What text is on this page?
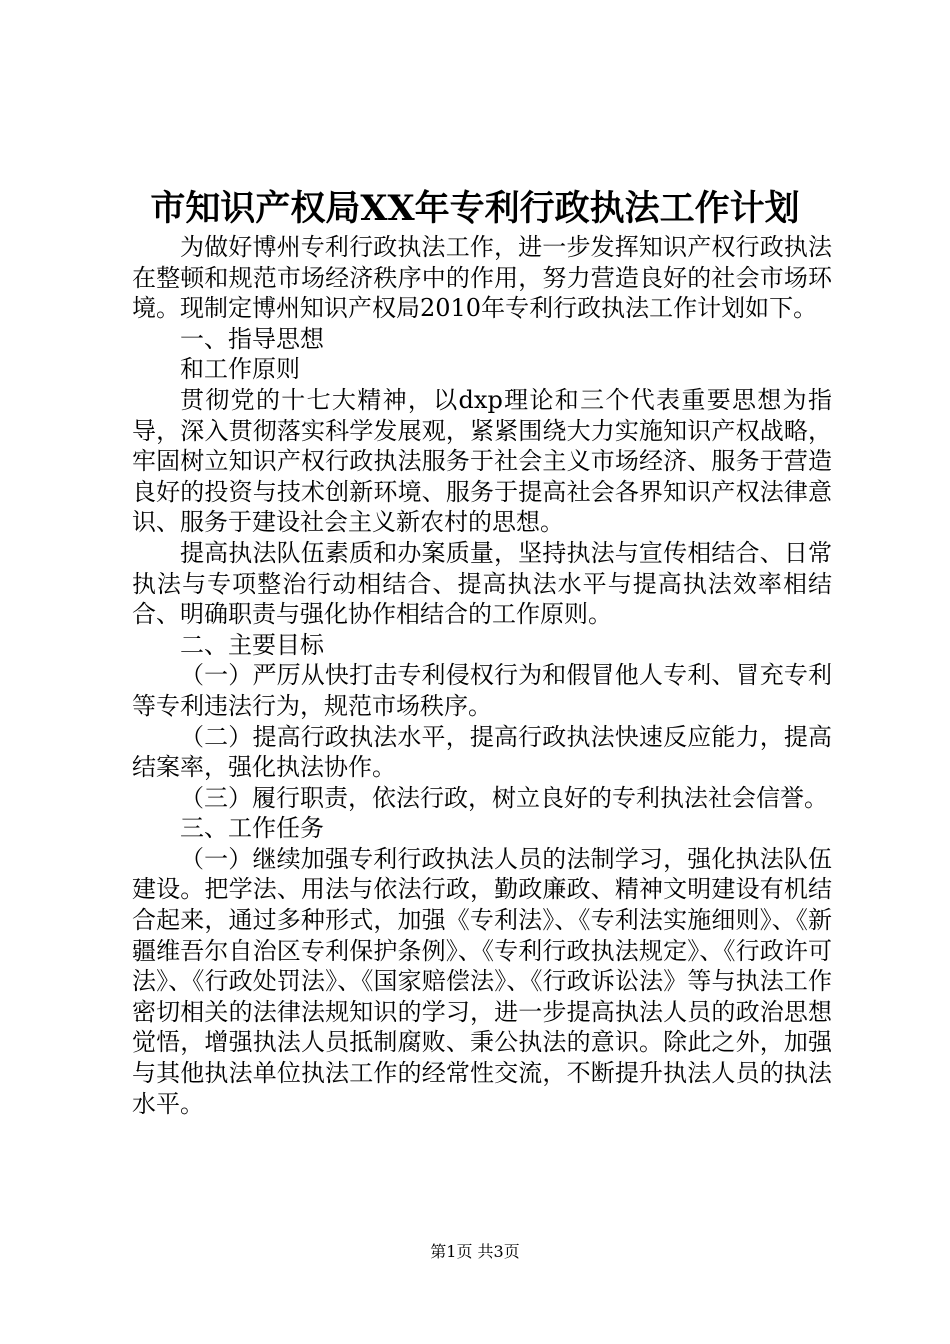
市知识产权局XX年专利行政执法工作计划

为做好博州专利行政执法工作，进一步发挥知识产权行政执法在整顿和规范市场经济秩序中的作用，努力营造良好的社会市场环境。现制定博州知识产权局2010年专利行政执法工作计划如下。

一、指导思想

和工作原则

贯彻党的十七大精神，以dxp理论和三个代表重要思想为指导，深入贯彻落实科学发展观，紧紧围绕大力实施知识产权战略，牢固树立知识产权行政执法服务于社会主义市场经济、服务于营造良好的投资与技术创新环境、服务于提高社会各界知识产权法律意识、服务于建设社会主义新农村的思想。

提高执法队伍素质和办案质量，坚持执法与宣传相结合、日常执法与专项整治行动相结合、提高执法水平与提高执法效率相结合、明确职责与强化协作相结合的工作原则。

二、主要目标

（一）严厉从快打击专利侵权行为和假冒他人专利、冒充专利等专利违法行为，规范市场秩序。

（二）提高行政执法水平，提高行政执法快速反应能力，提高结案率，强化执法协作。

（三）履行职责，依法行政，树立良好的专利执法社会信誉。

三、工作任务

（一）继续加强专利行政执法人员的法制学习，强化执法队伍建设。把学法、用法与依法行政，勤政廉政、精神文明建设有机结合起来，通过多种形式，加强《专利法》、《专利法实施细则》、《新疆维吾尔自治区专利保护条例》、《专利行政执法规定》、《行政许可法》、《行政处罚法》、《国家赔偿法》、《行政诉讼法》等与执法工作密切相关的法律法规知识的学习，进一步提高执法人员的政治思想觉悟，增强执法人员抵制腐败、秉公执法的意识。除此之外，加强与其他执法单位执法工作的经常性交流，不断提升执法人员的执法水平。

第1页 共3页
